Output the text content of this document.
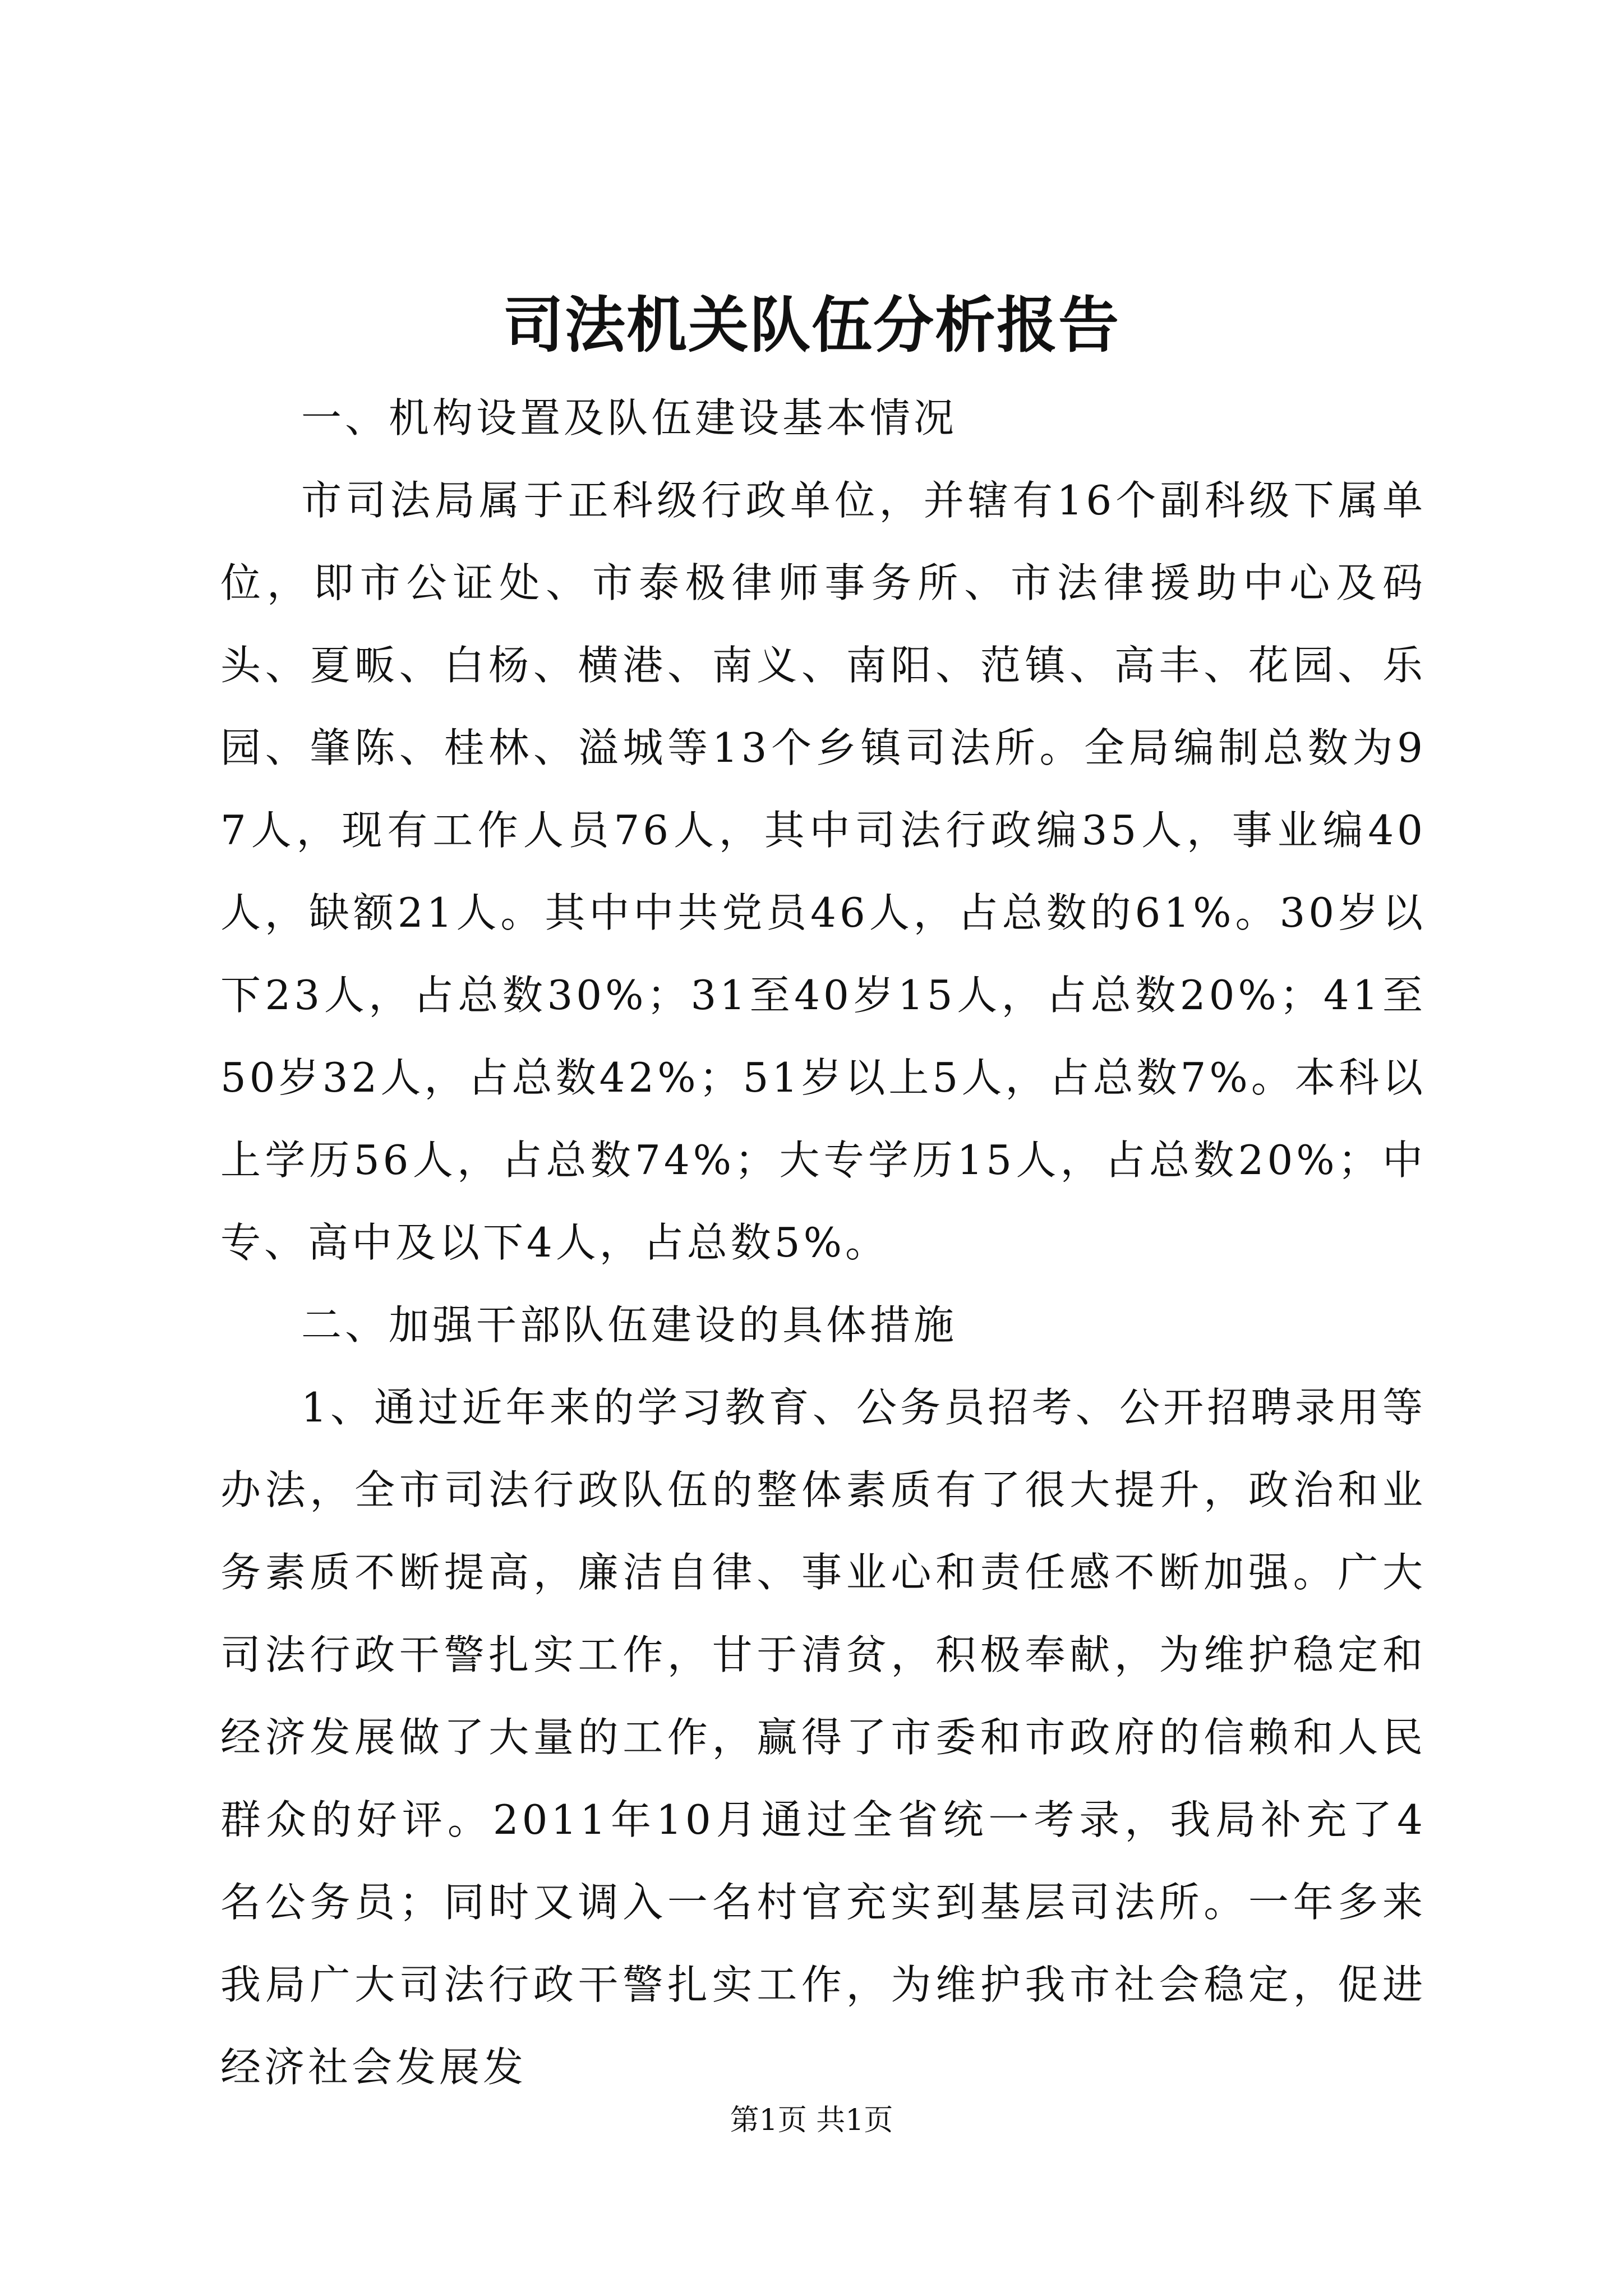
司法机关队伍分析报告

一、机构设置及队伍建设基本情况

市司法局属于正科级行政单位，并辖有16个副科级下属单位，即市公证处、市泰极律师事务所、市法律援助中心及码头、夏畈、白杨、横港、南义、南阳、范镇、高丰、花园、乐园、肇陈、桂林、溢城等13个乡镇司法所。全局编制总数为97人，现有工作人员76人，其中司法行政编35人，事业编40人，缺额21人。其中中共党员46人，占总数的61%。30岁以下23人，占总数30%；31至40岁15人，占总数20%；41至50岁32人，占总数42%；51岁以上5人，占总数7%。本科以上学历56人，占总数74%；大专学历15人，占总数20%；中专、高中及以下4人，占总数5%。

二、加强干部队伍建设的具体措施

1、通过近年来的学习教育、公务员招考、公开招聘录用等办法，全市司法行政队伍的整体素质有了很大提升，政治和业务素质不断提高，廉洁自律、事业心和责任感不断加强。广大司法行政干警扎实工作，甘于清贫，积极奉献，为维护稳定和经济发展做了大量的工作，赢得了市委和市政府的信赖和人民群众的好评。2011年10月通过全省统一考录，我局补充了4名公务员；同时又调入一名村官充实到基层司法所。一年多来我局广大司法行政干警扎实工作，为维护我市社会稳定，促进经济社会发展发

第1页 共1页
